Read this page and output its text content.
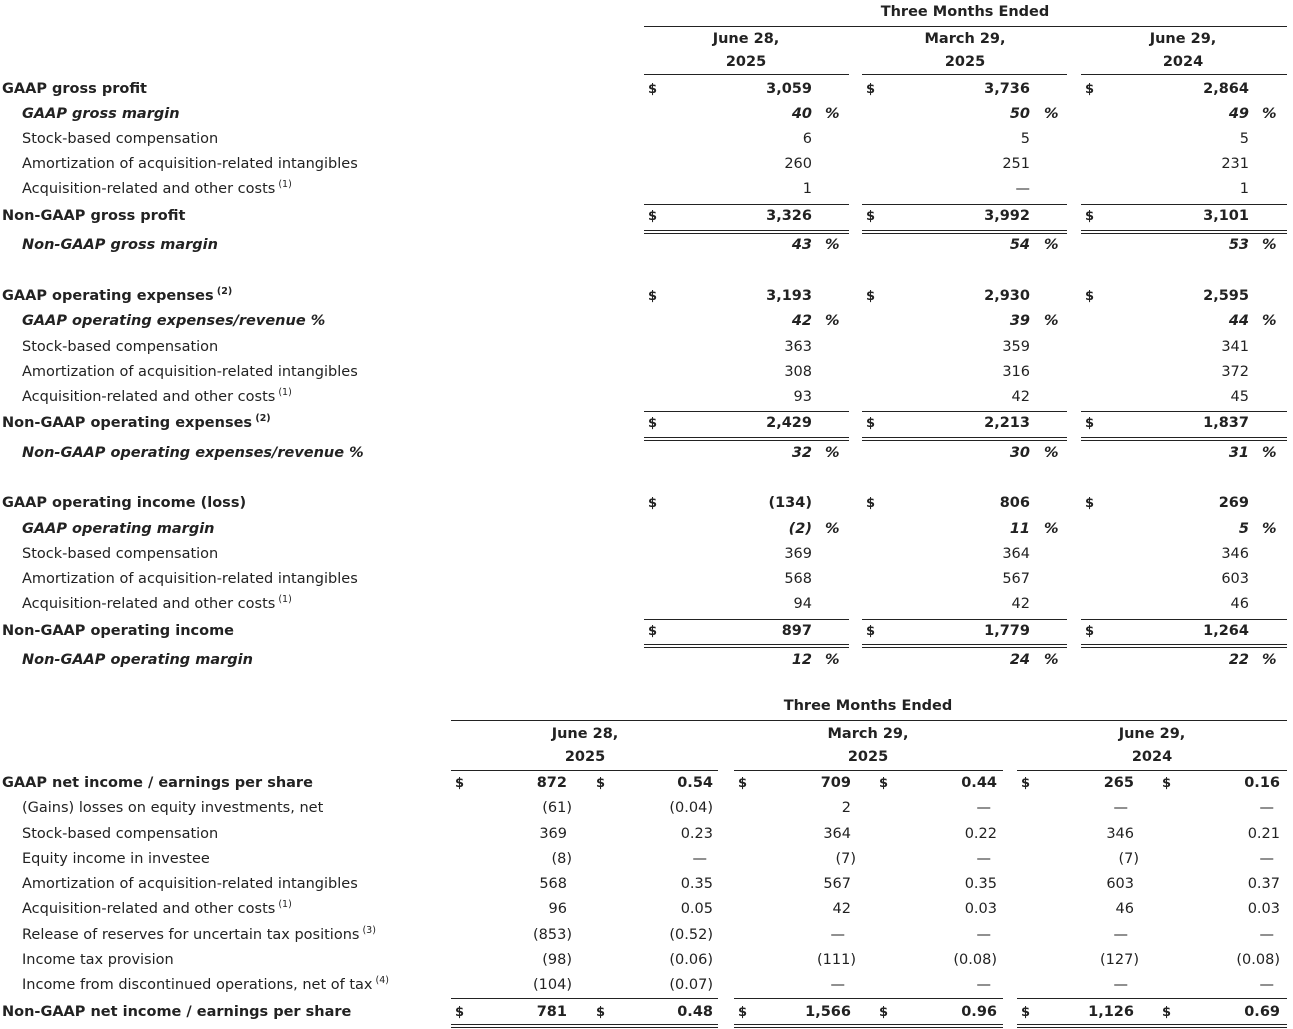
Three Months Ended
June 28,
2025
March 29,
2025
June 29,
2024
GAAP gross profit	$	3,059	$	3,736	$	2,864
GAAP gross margin	40 %	50 %	49 %
Stock-based compensation	6	5	5
Amortization of acquisition-related intangibles	260	251	231
Acquisition-related and other costs $^{(1)}$	1	—	1
Non-GAAP gross profit	$	3,326	$	3,992	$	3,101
Non-GAAP gross margin	43 %	54 %	53 %
GAAP operating expenses $^{(2)}$	$	3,193	$	2,930	$	2,595
GAAP operating expenses/revenue %	42 %	39 %	44 %
Stock-based compensation	363	359	341
Amortization of acquisition-related intangibles	308	316	372
Acquisition-related and other costs $^{(1)}$	93	42	45
Non-GAAP operating expenses $^{(2)}$	$	2,429	$	2,213	$	1,837
Non-GAAP operating expenses/revenue %	32 %	30 %	31 %
GAAP operating income (loss)	$	(134)	$	806	$	269
GAAP operating margin	(2) %	11 %	5 %
Stock-based compensation	369	364	346
Amortization of acquisition-related intangibles	568	567	603
Acquisition-related and other costs $^{(1)}$	94	42	46
Non-GAAP operating income	$	897	$	1,779	$	1,264
Non-GAAP operating margin	12 %	24 %	22 %
Three Months Ended
June 28,
2025
March 29,
2025
June 29,
2024
GAAP net income / earnings per share	$	872 $	0.54 $	709 $	0.44 $	265 $	0.16
(Gains) losses on equity investments, net	(61)	(0.04)	2	—	—	—
Stock-based compensation	369	0.23	364	0.22	346	0.21
Equity income in investee	(8)	—	(7)	—	(7)	—
Amortization of acquisition-related intangibles	568	0.35	567	0.35	603	0.37
Acquisition-related and other costs $^{(1)}$	96	0.05	42	0.03	46	0.03
Release of reserves for uncertain tax positions $^{(3)}$	(853)	(0.52)	—	—	—	—
Income tax provision	(98)	(0.06)	(111)	(0.08)	(127)	(0.08)
Income from discontinued operations, net of tax $^{(4)}$	(104)	(0.07)	—	—	—	—
Non-GAAP net income / earnings per share	$	781 $	0.48 $	1,566 $	0.96 $	1,126 $	0.69
